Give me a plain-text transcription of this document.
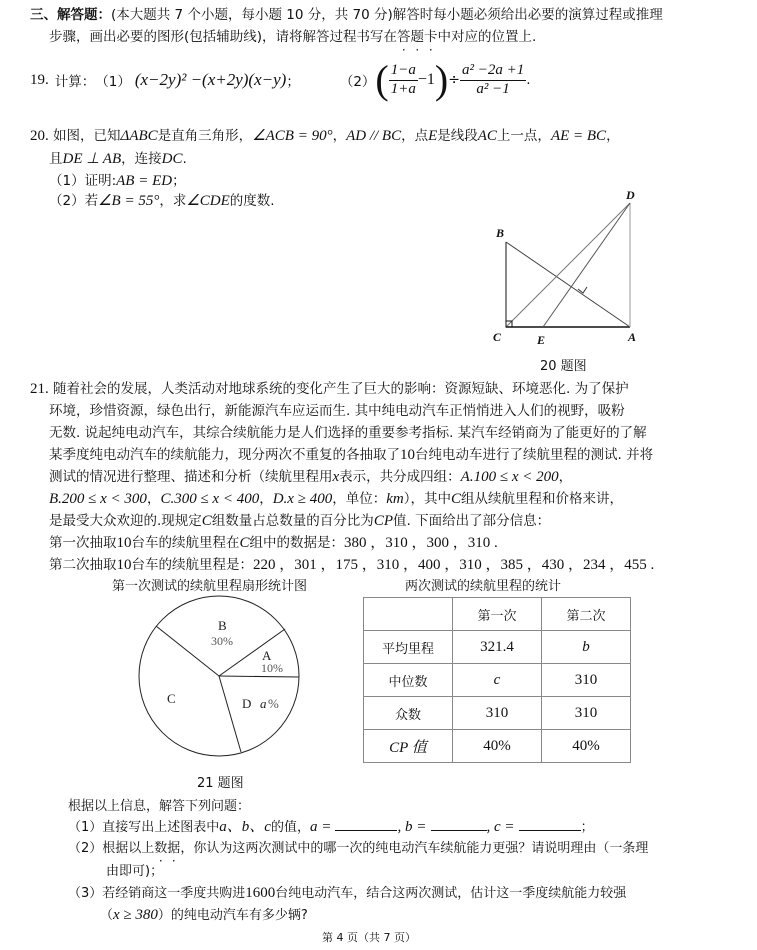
三、解答题：(本大题共 7 个小题，每小题 10 分，共 70 分)解答时每小题必须给出必要的演算过程或推理
步骤，画出必要的图形(包括辅助线)，请将解答过程书写在答题卡中对应的位置上.
19. 计算： （1） (x−2y)² −(x+2y)(x−y) ；	（2） ( $\frac{1-a}{1+a} -1$ ) ÷ $\frac{\text{a² −2a +1}}{\text{a² −1}}$ .
20. 如图，已知ΔABC是直角三角形，∠ACB = 90°，AD // BC，点E是线段AC上一点，AE = BC，
且DE ⊥ AB，连接DC.
（1）证明:AB = ED；
（2）若∠B = 55°，求∠CDE的度数.
B
D
C	E	A
20 题图
21. 随着社会的发展，人类活动对地球系统的变化产生了巨大的影响：资源短缺、环境恶化. 为了保护
环境，珍惜资源，绿色出行，新能源汽车应运而生. 其中纯电动汽车正悄悄进入人们的视野，吸粉
无数. 说起纯电动汽车，其综合续航能力是人们选择的重要参考指标. 某汽车经销商为了能更好的了解
某季度纯电动汽车的续航能力，现分两次不重复的各抽取了10台纯电动车进行了续航里程的测试. 并将
测试的情况进行整理、描述和分析（续航里程用x表示，共分成四组：A.100 ≤ x < 200，
B.200 ≤ x < 300，C.300 ≤ x < 400，D.x ≥ 400，单位：km），其中C组从续航里程和价格来讲，
是最受大众欢迎的.现规定C组数量占总数量的百分比为CP值. 下面给出了部分信息：
第一次抽取10台车的续航里程在C组中的数据是：380 ，310 ，300 ，310 .
第二次抽取10台车的续航里程是：220 ，301 ，175 ，310 ，400 ，310 ，385 ，430 ，234 ，455 .
第一次测试的续航里程扇形统计图	两次测试的续航里程的统计
B
30%
A
10%
C	D a %
21 题图
	第一次	第二次
平均里程	321.4	b
中位数	c	310
众数	310	310
CP 值	40%	40%
根据以上信息，解答下列问题：
（1）直接写出上述图表中a、b、c的值，a =	, b =	, c =	；
（2）根据以上数据，你认为这两次测试中的哪一次的纯电动汽车续航能力更强？请说明理由（一条理
由即可)；
（3）若经销商这一季度共购进1600台纯电动汽车，结合这两次测试，估计这一季度续航能力较强
（x ≥ 380）的纯电动汽车有多少辆?
第 4 页（共 7 页）
